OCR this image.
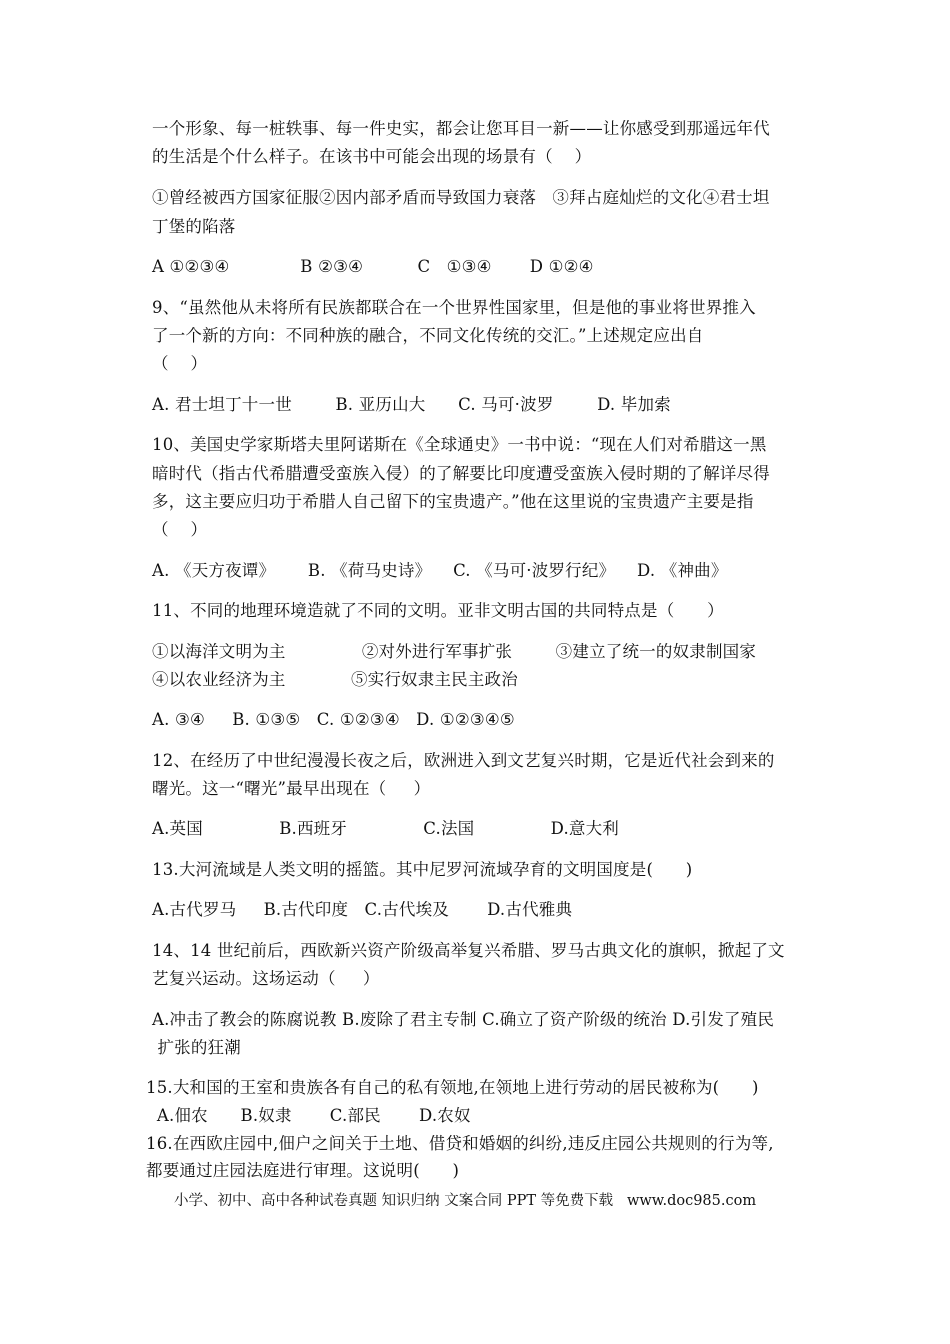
一个形象、每一桩轶事、每一件史实，都会让您耳目一新——让你感受到那遥远年代
的生活是个什么样子。在该书中可能会出现的场景有（    ）
①曾经被西方国家征服②因内部矛盾而导致国力衰落   ③拜占庭灿烂的文化④君士坦
丁堡的陷落
A ①②③④             B ②③④          C   ①③④       D ①②④
9、“虽然他从未将所有民族都联合在一个世界性国家里，但是他的事业将世界推入
了一个新的方向：不同种族的融合，不同文化传统的交汇。”上述规定应出自
（    ）
A. 君士坦丁十一世        B. 亚历山大      C. 马可·波罗        D. 毕加索
10、美国史学家斯塔夫里阿诺斯在《全球通史》一书中说：“现在人们对希腊这一黑
暗时代（指古代希腊遭受蛮族入侵）的了解要比印度遭受蛮族入侵时期的了解详尽得
多，这主要应归功于希腊人自己留下的宝贵遗产。”他在这里说的宝贵遗产主要是指
（    ）
A. 《天方夜谭》      B. 《荷马史诗》    C. 《马可·波罗行纪》    D. 《神曲》
11、不同的地理环境造就了不同的文明。亚非文明古国的共同特点是（      ）
①以海洋文明为主              ②对外进行军事扩张        ③建立了统一的奴隶制国家
④以农业经济为主            ⑤实行奴隶主民主政治
A. ③④     B. ①③⑤   C. ①②③④   D. ①②③④⑤
12、在经历了中世纪漫漫长夜之后，欧洲进入到文艺复兴时期，它是近代社会到来的
曙光。这一“曙光”最早出现在（     ）
A.英国              B.西班牙              C.法国              D.意大利
13.大河流域是人类文明的摇篮。其中尼罗河流域孕育的文明国度是(      )
A.古代罗马     B.古代印度   C.古代埃及       D.古代雅典
14、14 世纪前后，西欧新兴资产阶级高举复兴希腊、罗马古典文化的旗帜，掀起了文
艺复兴运动。这场运动（     ）
A.冲击了教会的陈腐说教 B.废除了君主专制 C.确立了资产阶级的统治 D.引发了殖民
扩张的狂潮
15.大和国的王室和贵族各有自己的私有领地,在领地上进行劳动的居民被称为(      )
A.佃农      B.奴隶       C.部民       D.农奴
16.在西欧庄园中,佃户之间关于土地、借贷和婚姻的纠纷,违反庄园公共规则的行为等,
都要通过庄园法庭进行审理。这说明(      )
小学、初中、高中各种试卷真题 知识归纳 文案合同 PPT 等免费下载   www.doc985.com
